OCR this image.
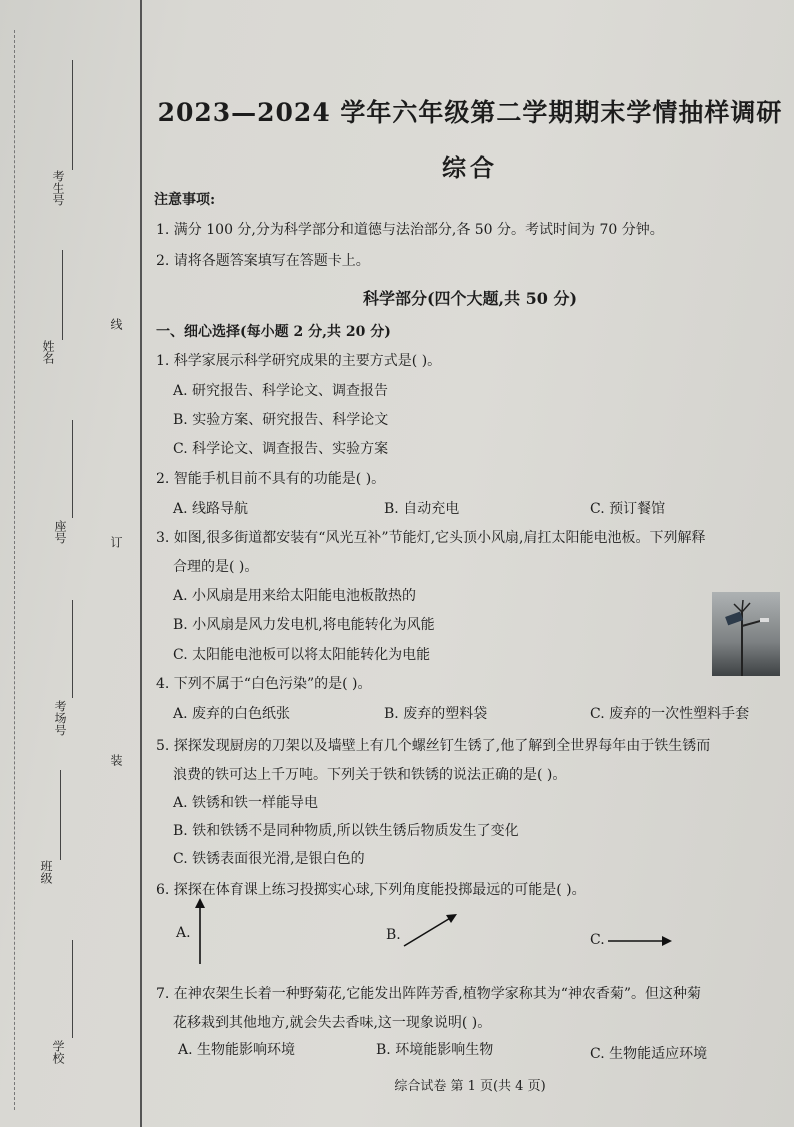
考生号
姓名
座号
考场号
班级
学校
线
订
装
2023—2024 学年六年级第二学期期末学情抽样调研
综合
注意事项:
1. 满分 100 分,分为科学部分和道德与法治部分,各 50 分。考试时间为 70 分钟。
2. 请将各题答案填写在答题卡上。
科学部分(四个大题,共 50 分)
一、细心选择(每小题 2 分,共 20 分)
1. 科学家展示科学研究成果的主要方式是( )。
A. 研究报告、科学论文、调查报告
B. 实验方案、研究报告、科学论文
C. 科学论文、调查报告、实验方案
2. 智能手机目前不具有的功能是( )。
A. 线路导航	B. 自动充电	C. 预订餐馆
3. 如图,很多街道都安装有“风光互补”节能灯,它头顶小风扇,肩扛太阳能电池板。下列解释
合理的是( )。
A. 小风扇是用来给太阳能电池板散热的
B. 小风扇是风力发电机,将电能转化为风能
C. 太阳能电池板可以将太阳能转化为电能
4. 下列不属于“白色污染”的是( )。
A. 废弃的白色纸张	B. 废弃的塑料袋	C. 废弃的一次性塑料手套
5. 探探发现厨房的刀架以及墙壁上有几个螺丝钉生锈了,他了解到全世界每年由于铁生锈而
浪费的铁可达上千万吨。下列关于铁和铁锈的说法正确的是( )。
A. 铁锈和铁一样能导电
B. 铁和铁锈不是同种物质,所以铁生锈后物质发生了变化
C. 铁锈表面很光滑,是银白色的
6. 探探在体育课上练习投掷实心球,下列角度能投掷最远的可能是( )。
A.	B.	C.
7. 在神农架生长着一种野菊花,它能发出阵阵芳香,植物学家称其为“神农香菊”。但这种菊
花移栽到其他地方,就会失去香味,这一现象说明( )。
A. 生物能影响环境	B. 环境能影响生物	C. 生物能适应环境
综合试卷 第 1 页(共 4 页)
